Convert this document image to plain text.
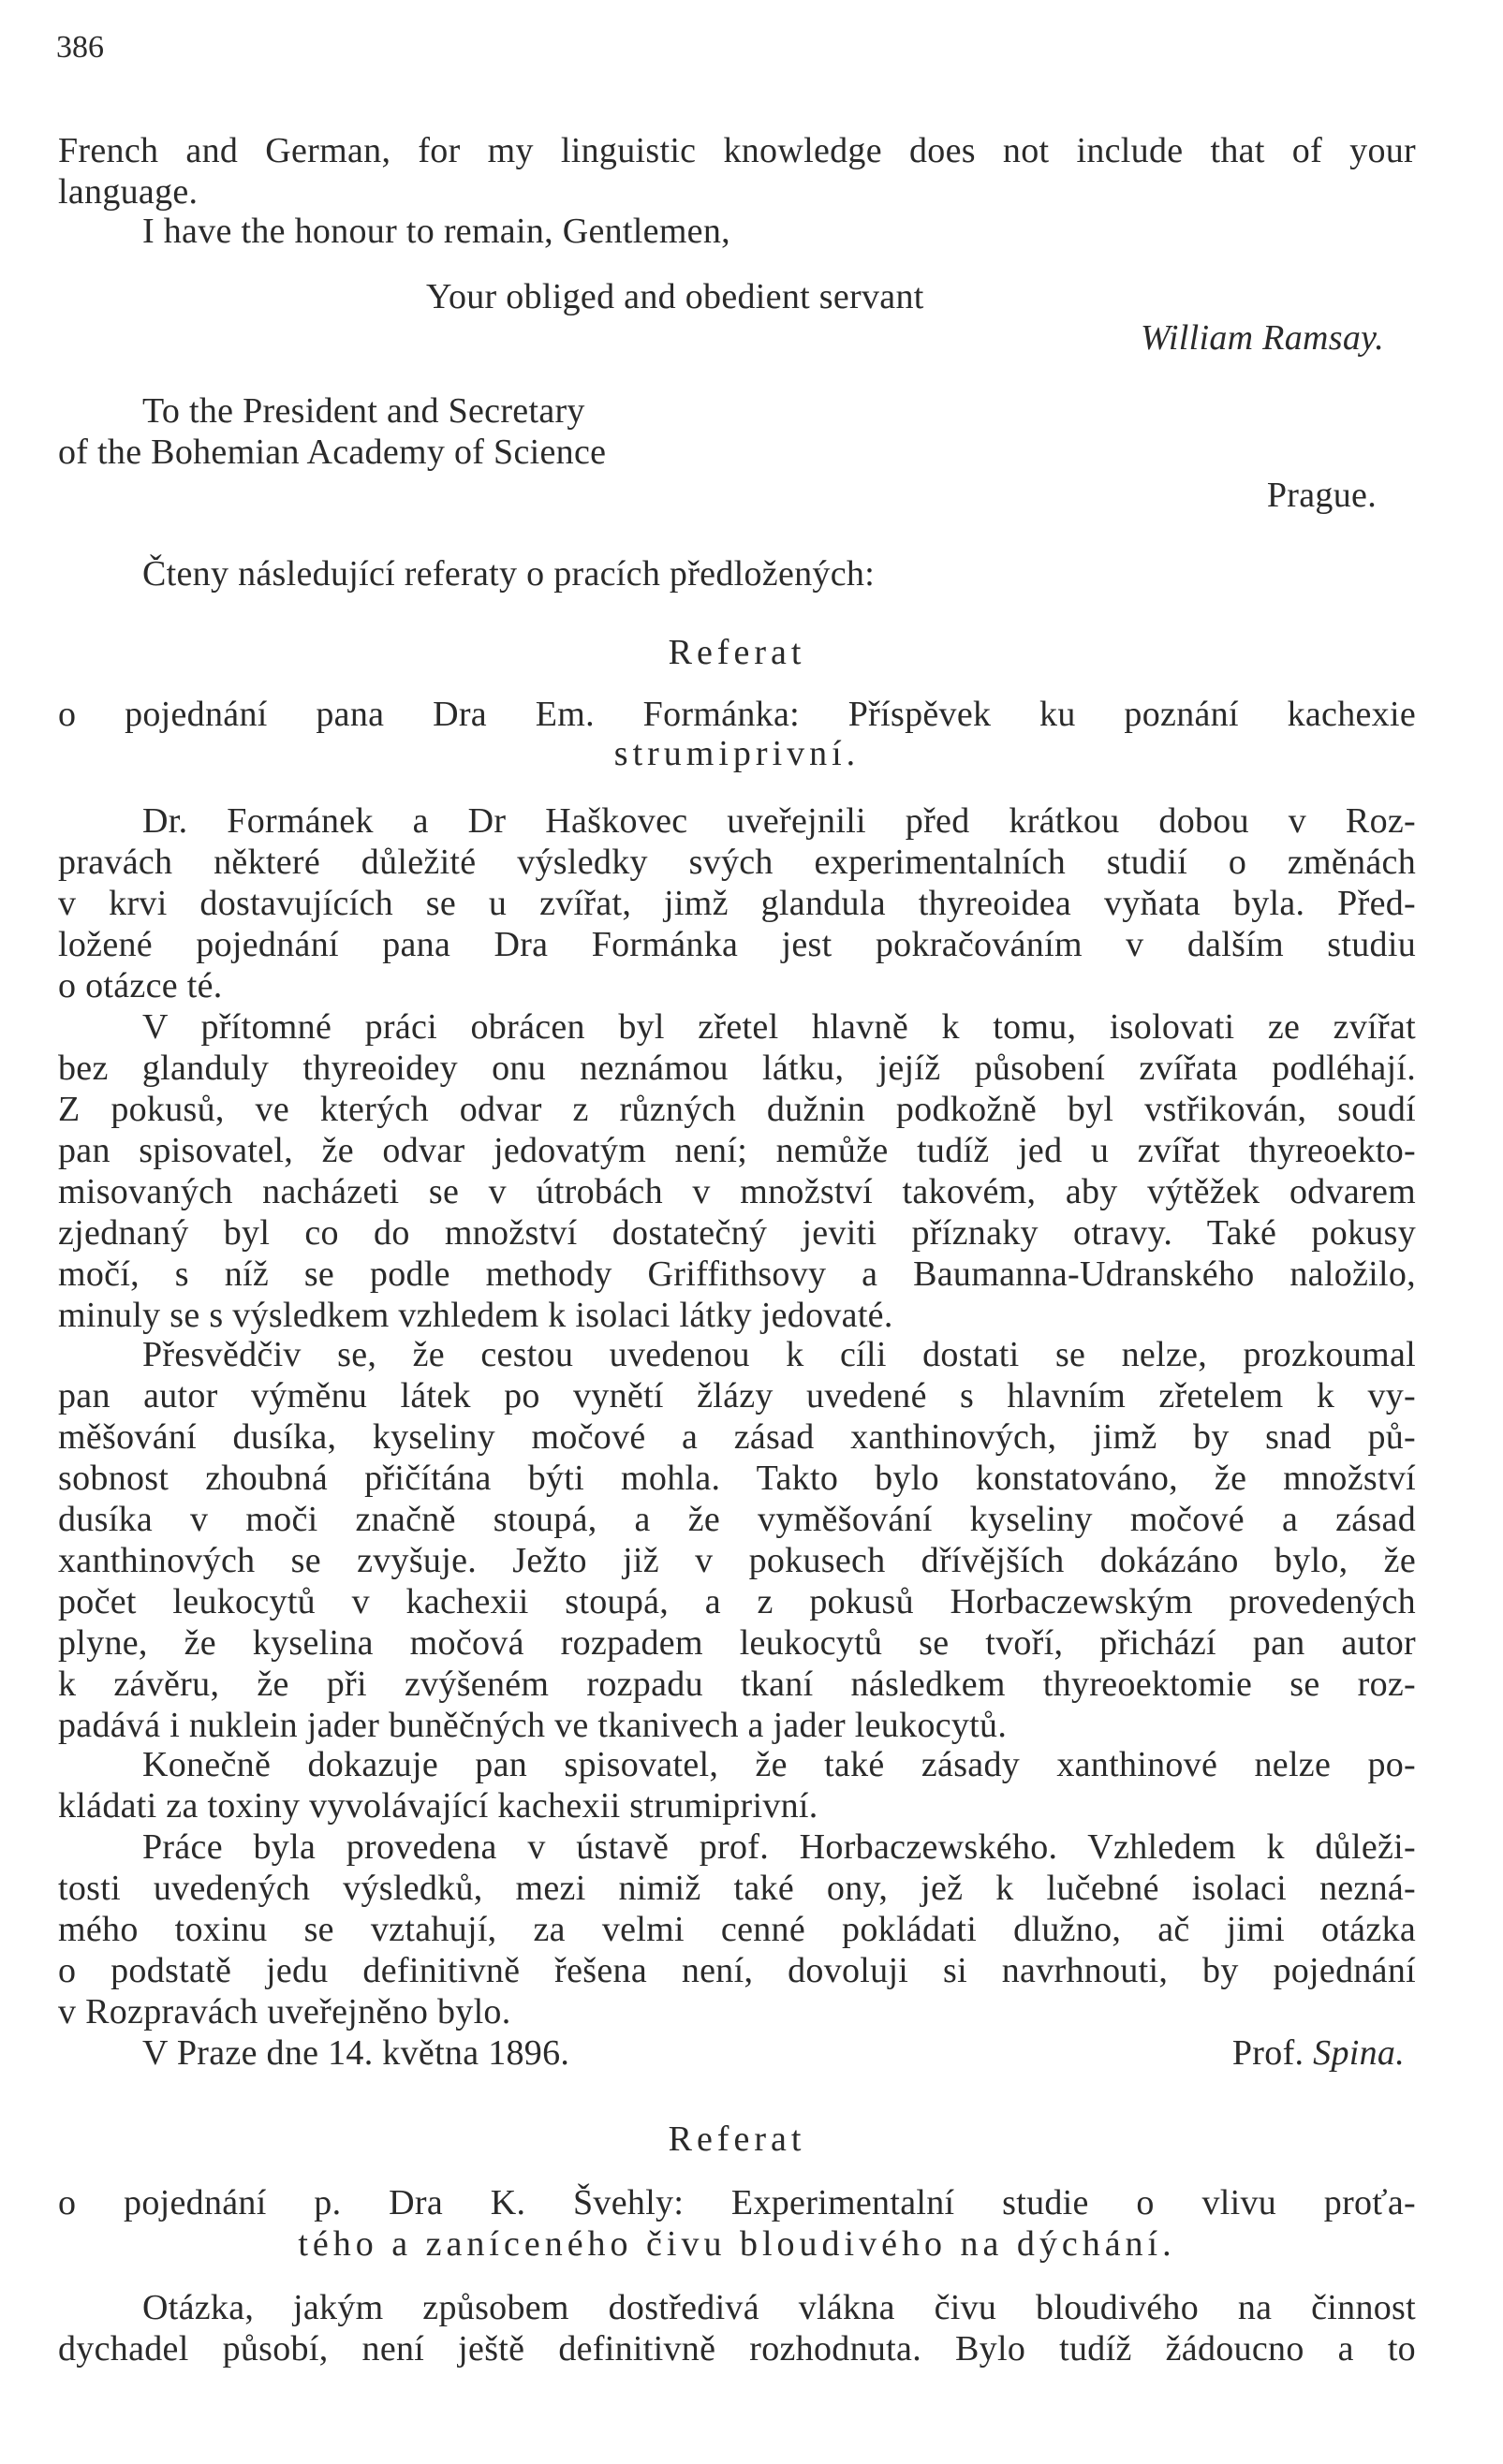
386
French and German, for my linguistic knowledge does not include that of your
language.
I have the honour to remain, Gentlemen,
Your obliged and obedient servant
William Ramsay.
To the President and Secretary
of the Bohemian Academy of Science
Prague.
Čteny následující referaty o pracích předložených:
Referat
o pojednání pana Dra Em. Formánka: Příspěvek ku poznání kachexie
strumiprivní.
Dr. Formánek a Dr Haškovec uveřejnili před krátkou dobou v Roz-
pravách některé důležité výsledky svých experimentalních studií o změnách
v krvi dostavujících se u zvířat, jimž glandula thyreoidea vyňata byla. Před-
ložené pojednání pana Dra Formánka jest pokračováním v dalším studiu
o otázce té.
V přítomné práci obrácen byl zřetel hlavně k tomu, isolovati ze zvířat
bez glanduly thyreoidey onu neznámou látku, jejíž působení zvířata podléhají.
Z pokusů, ve kterých odvar z různých dužnin podkožně byl vstřikován, soudí
pan spisovatel, že odvar jedovatým není; nemůže tudíž jed u zvířat thyreoekto-
misovaných nacházeti se v útrobách v množství takovém, aby výtěžek odvarem
zjednaný byl co do množství dostatečný jeviti příznaky otravy. Také pokusy
močí, s níž se podle methody Griffithsovy a Baumanna-Udranského naložilo,
minuly se s výsledkem vzhledem k isolaci látky jedovaté.
Přesvědčiv se, že cestou uvedenou k cíli dostati se nelze, prozkoumal
pan autor výměnu látek po vynětí žlázy uvedené s hlavním zřetelem k vy-
měšování dusíka, kyseliny močové a zásad xanthinových, jimž by snad pů-
sobnost zhoubná přičítána býti mohla. Takto bylo konstatováno, že množství
dusíka v moči značně stoupá, a že vyměšování kyseliny močové a zásad
xanthinových se zvyšuje. Ježto již v pokusech dřívějších dokázáno bylo, že
počet leukocytů v kachexii stoupá, a z pokusů Horbaczewským provedených
plyne, že kyselina močová rozpadem leukocytů se tvoří, přichází pan autor
k závěru, že při zvýšeném rozpadu tkaní následkem thyreoektomie se roz-
padává i nuklein jader buněčných ve tkanivech a jader leukocytů.
Konečně dokazuje pan spisovatel, že také zásady xanthinové nelze po-
kládati za toxiny vyvolávající kachexii strumiprivní.
Práce byla provedena v ústavě prof. Horbaczewského. Vzhledem k důleži-
tosti uvedených výsledků, mezi nimiž také ony, jež k lučebné isolaci nezná-
mého toxinu se vztahují, za velmi cenné pokládati dlužno, ač jimi otázka
o podstatě jedu definitivně řešena není, dovoluji si navrhnouti, by pojednání
v Rozpravách uveřejněno bylo.
V Praze dne 14. května 1896.	Prof. Spina.
Referat
o pojednání p. Dra K. Švehly: Experimentalní studie o vlivu proťa-
tého a zaníceného čivu bloudivého na dýchání.
Otázka, jakým způsobem dostředivá vlákna čivu bloudivého na činnost
dychadel působí, není ještě definitivně rozhodnuta. Bylo tudíž žádoucno a to
